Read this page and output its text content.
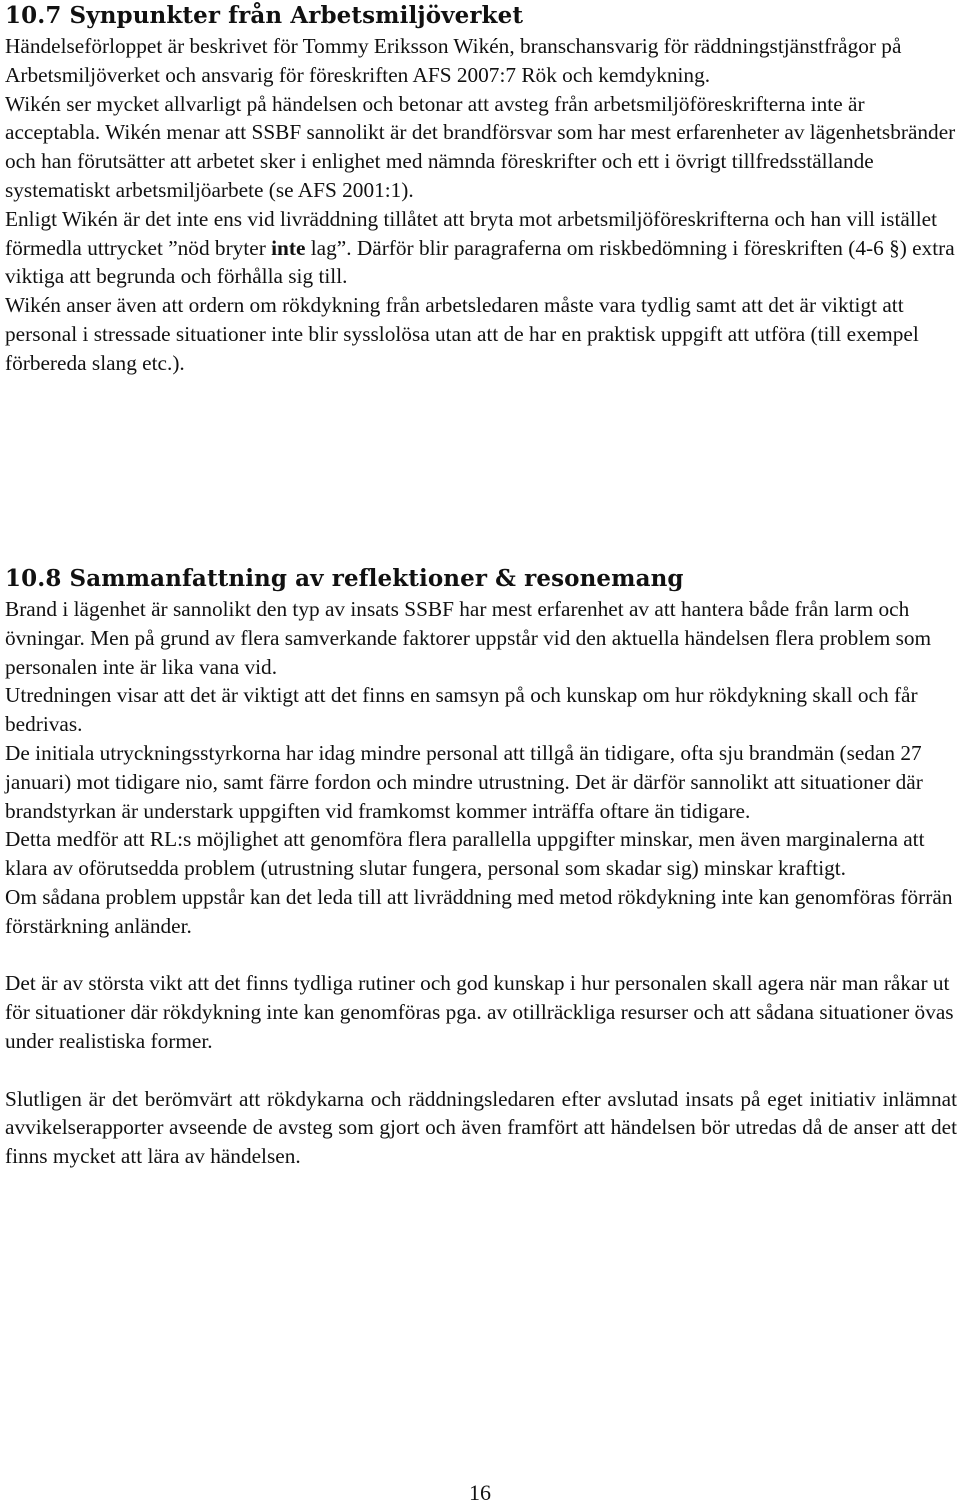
10.7 Synpunkter från Arbetsmiljöverket

Händelseförloppet är beskrivet för Tommy Eriksson Wikén, branschansvarig för räddningstjänstfrågor på Arbetsmiljöverket och ansvarig för föreskriften AFS 2007:7 Rök och kemdykning.

Wikén ser mycket allvarligt på händelsen och betonar att avsteg från arbetsmiljöföreskrifterna inte är acceptabla. Wikén menar att SSBF sannolikt är det brandförsvar som har mest erfarenheter av lägenhetsbränder och han förutsätter att arbetet sker i enlighet med nämnda föreskrifter och ett i övrigt tillfredsställande systematiskt arbetsmiljöarbete (se AFS 2001:1).

Enligt Wikén är det inte ens vid livräddning tillåtet att bryta mot arbetsmiljöföreskrifterna och han vill istället förmedla uttrycket ”nöd bryter inte lag”. Därför blir paragraferna om riskbedömning i föreskriften (4-6 §) extra viktiga att begrunda och förhålla sig till.

Wikén anser även att ordern om rökdykning från arbetsledaren måste vara tydlig samt att det är viktigt att personal i stressade situationer inte blir sysslolösa utan att de har en praktisk uppgift att utföra (till exempel förbereda slang etc.).

10.8 Sammanfattning av reflektioner & resonemang

Brand i lägenhet är sannolikt den typ av insats SSBF har mest erfarenhet av att hantera både från larm och övningar. Men på grund av flera samverkande faktorer uppstår vid den aktuella händelsen flera problem som personalen inte är lika vana vid.

Utredningen visar att det är viktigt att det finns en samsyn på och kunskap om hur rökdykning skall och får bedrivas.

De initiala utryckningsstyrkorna har idag mindre personal att tillgå än tidigare, ofta sju brandmän (sedan 27 januari) mot tidigare nio, samt färre fordon och mindre utrustning. Det är därför sannolikt att situationer där brandstyrkan är understark uppgiften vid framkomst kommer inträffa oftare än tidigare.

Detta medför att RL:s möjlighet att genomföra flera parallella uppgifter minskar, men även marginalerna att klara av oförutsedda problem (utrustning slutar fungera, personal som skadar sig) minskar kraftigt.

Om sådana problem uppstår kan det leda till att livräddning med metod rökdykning inte kan genomföras förrän förstärkning anländer.

Det är av största vikt att det finns tydliga rutiner och god kunskap i hur personalen skall agera när man råkar ut för situationer där rökdykning inte kan genomföras pga. av otillräckliga resurser och att sådana situationer övas under realistiska former.

Slutligen är det berömvärt att rökdykarna och räddningsledaren efter avslutad insats på eget initiativ inlämnat avvikelserapporter avseende de avsteg som gjort och även framfört att händelsen bör utredas då de anser att det finns mycket att lära av händelsen.

16
